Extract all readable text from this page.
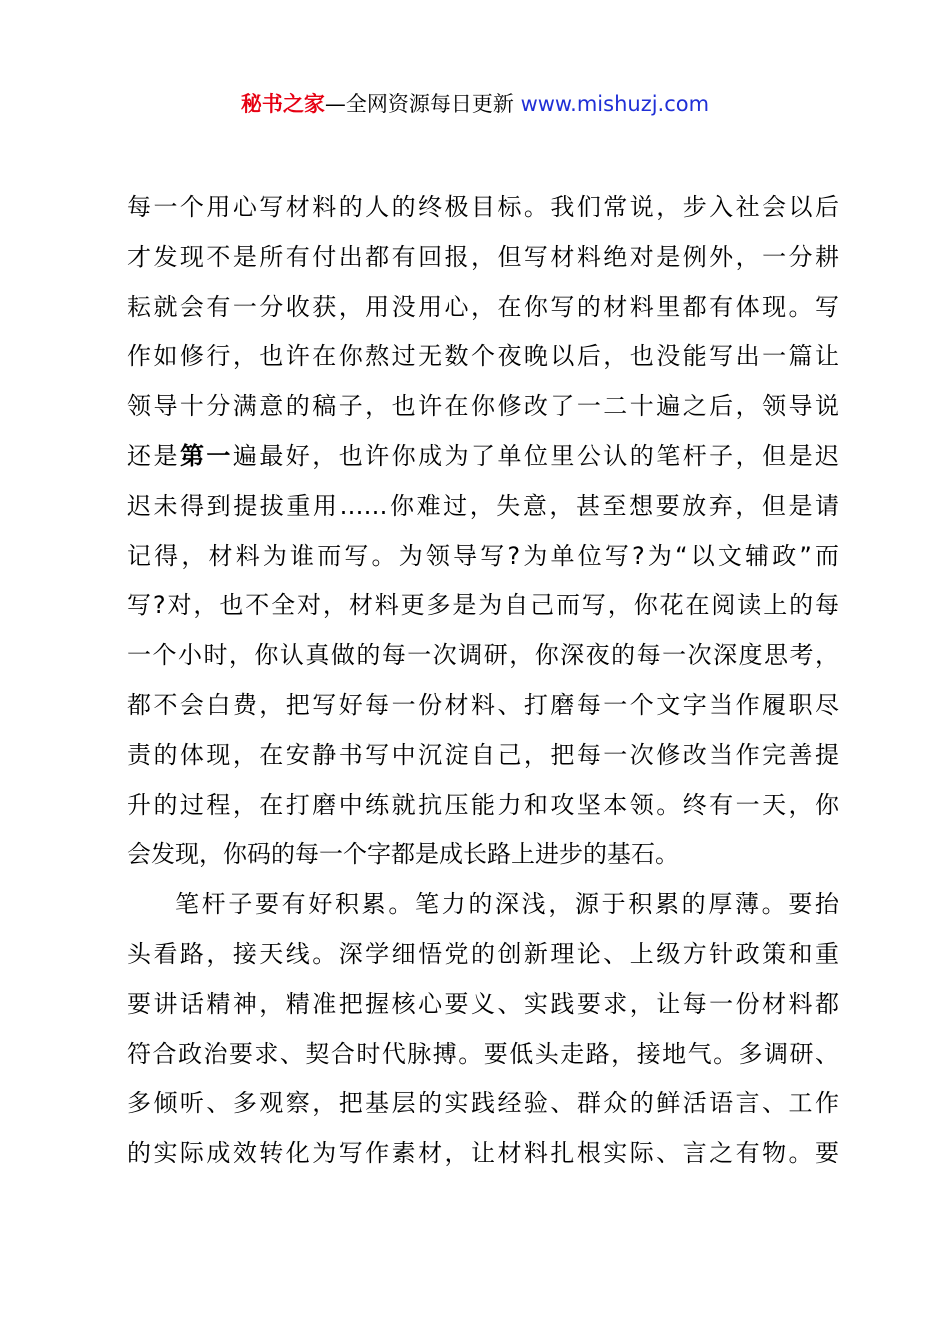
秘书之家—全网资源每日更新 www.mishuzj.com
每一个用心写材料的人的终极目标。我们常说，步入社会以后
才发现不是所有付出都有回报，但写材料绝对是例外，一分耕
耘就会有一分收获，用没用心，在你写的材料里都有体现。写
作如修行，也许在你熬过无数个夜晚以后，也没能写出一篇让
领导十分满意的稿子，也许在你修改了一二十遍之后，领导说
还是第一遍最好，也许你成为了单位里公认的笔杆子，但是迟
迟未得到提拔重用……你难过，失意，甚至想要放弃，但是请
记得，材料为谁而写。为领导写?为单位写?为“以文辅政”而
写?对，也不全对，材料更多是为自己而写，你花在阅读上的每
一个小时，你认真做的每一次调研，你深夜的每一次深度思考，
都不会白费，把写好每一份材料、打磨每一个文字当作履职尽
责的体现，在安静书写中沉淀自己，把每一次修改当作完善提
升的过程，在打磨中练就抗压能力和攻坚本领。终有一天，你
会发现，你码的每一个字都是成长路上进步的基石。
笔杆子要有好积累。笔力的深浅，源于积累的厚薄。要抬
头看路，接天线。深学细悟党的创新理论、上级方针政策和重
要讲话精神，精准把握核心要义、实践要求，让每一份材料都
符合政治要求、契合时代脉搏。要低头走路，接地气。多调研、
多倾听、多观察，把基层的实践经验、群众的鲜活语言、工作
的实际成效转化为写作素材，让材料扎根实际、言之有物。要
